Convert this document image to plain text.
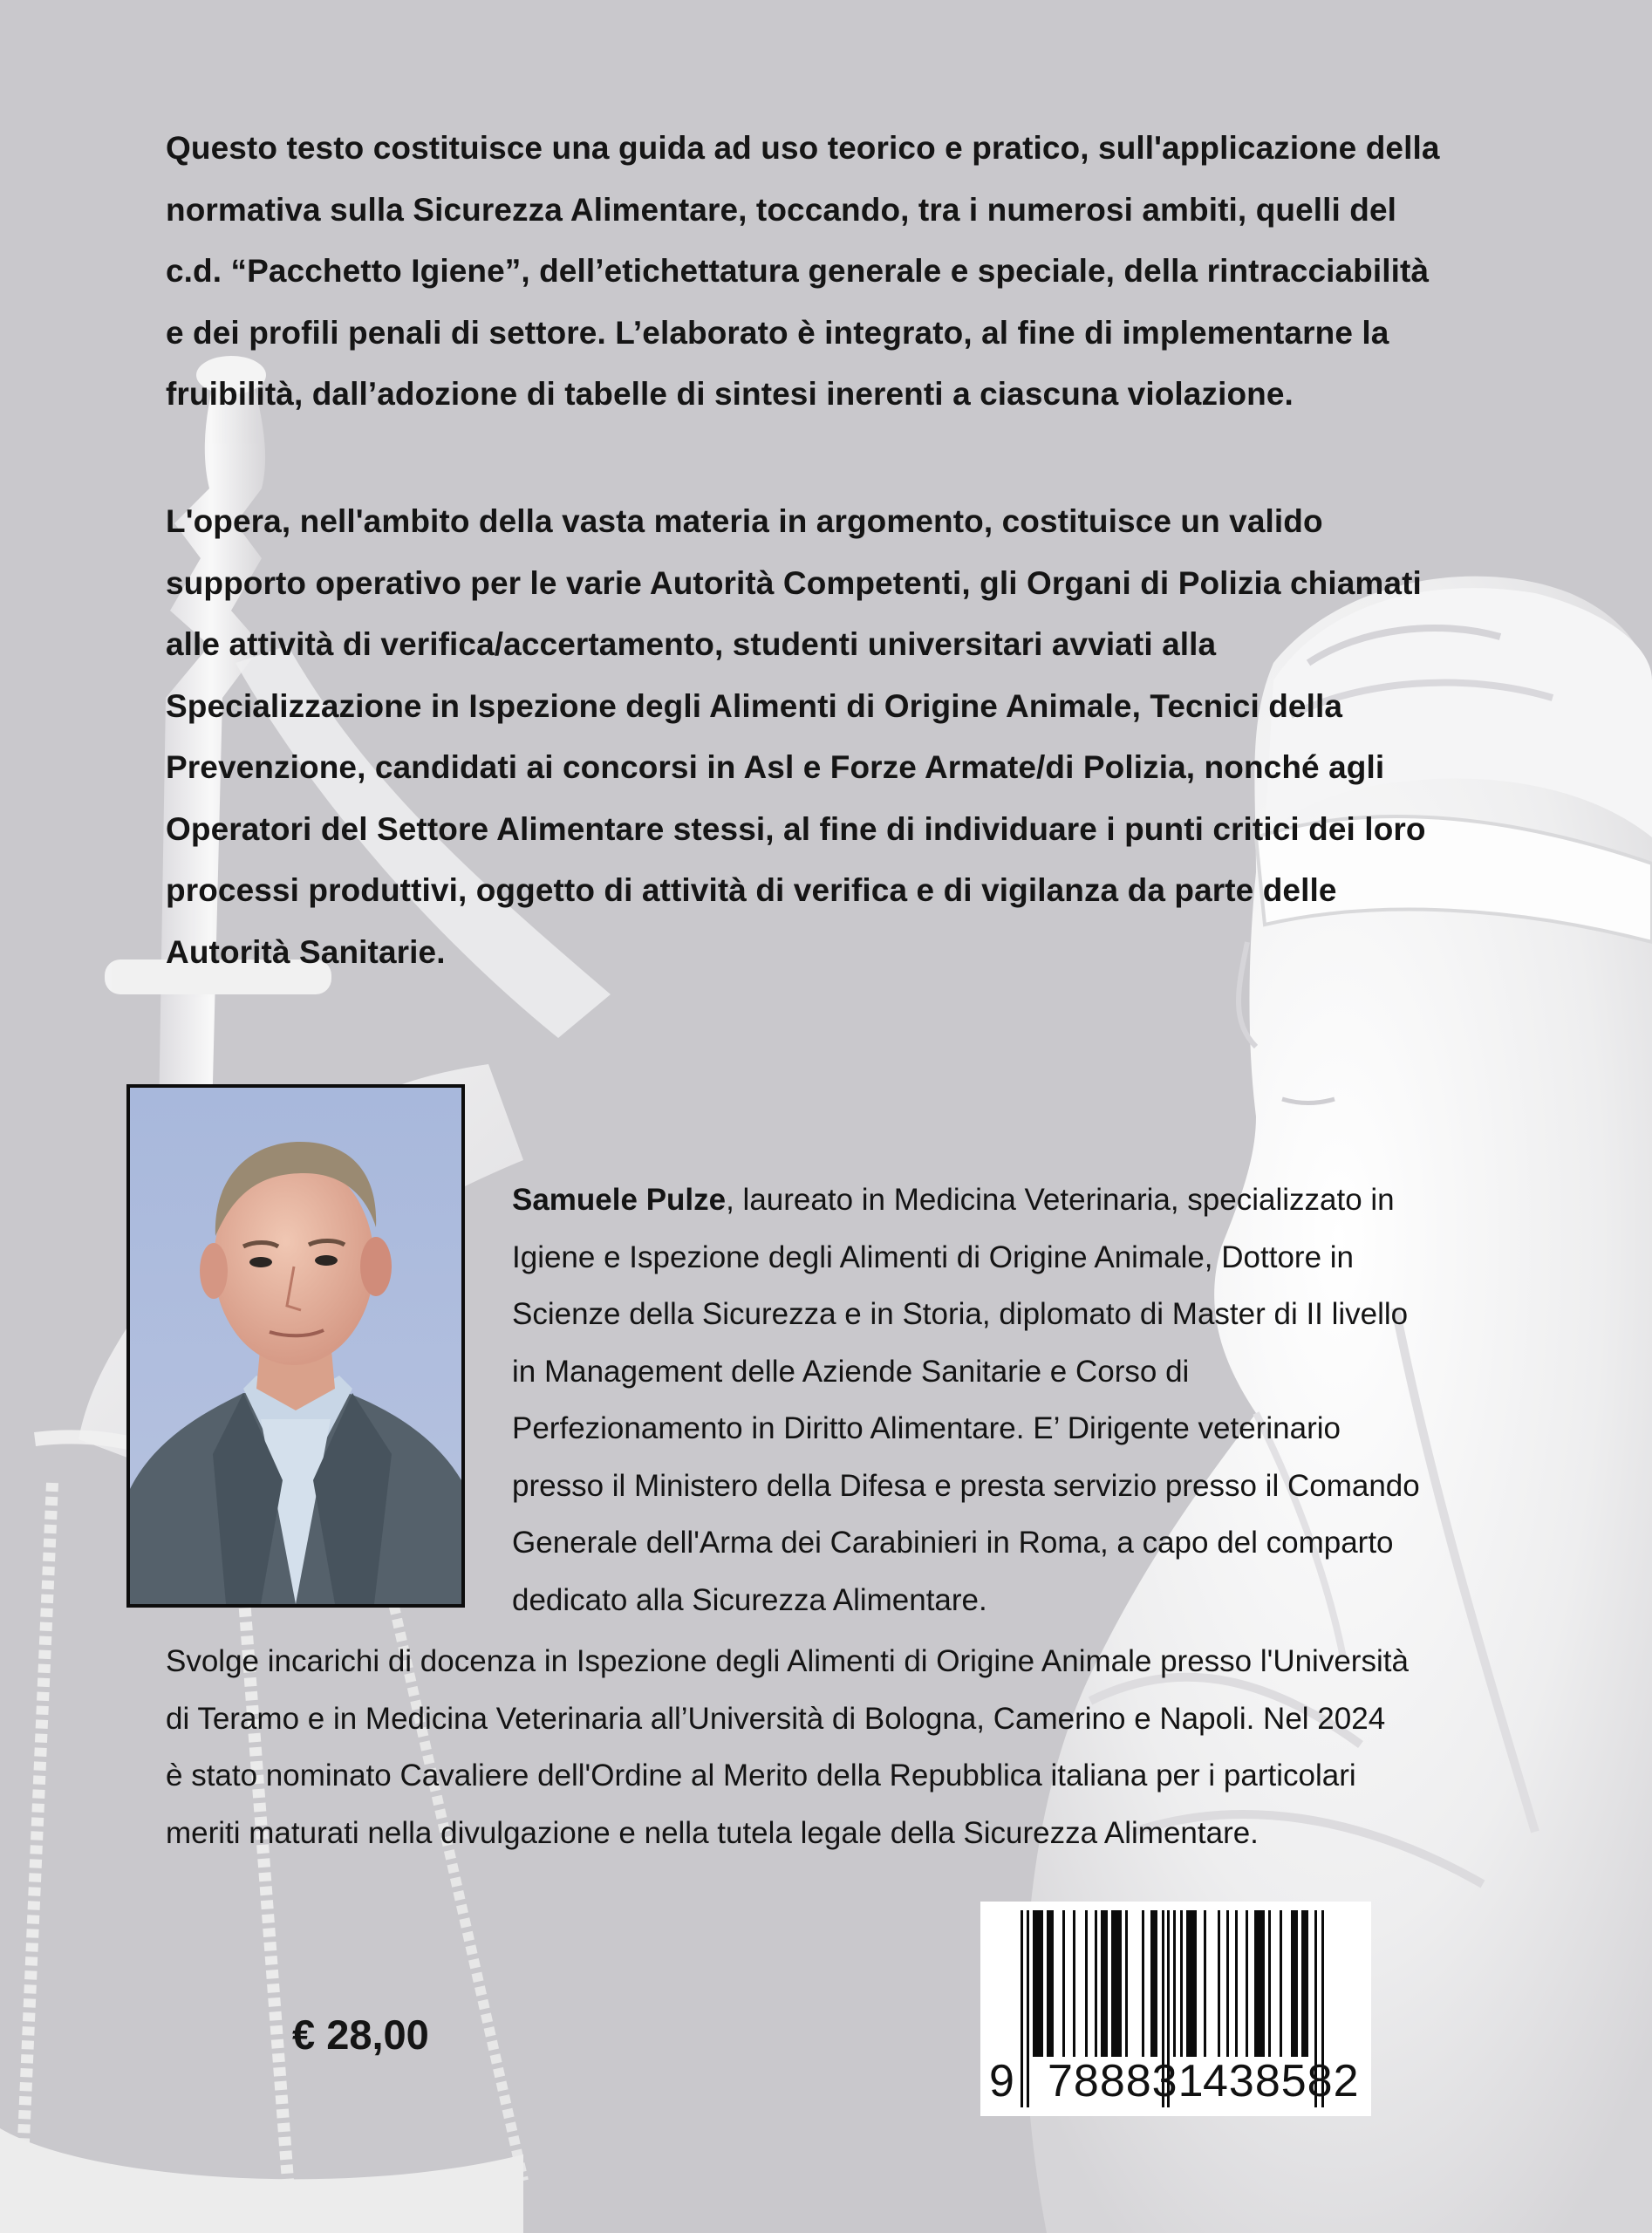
Questo testo costituisce una guida ad uso teorico e pratico, sull'applicazione della
normativa sulla Sicurezza Alimentare, toccando, tra i numerosi ambiti, quelli del
c.d. “Pacchetto Igiene”, dell’etichettatura generale e speciale, della rintracciabilità
e dei profili penali di settore. L’elaborato è integrato, al fine di implementarne la
fruibilità, dall’adozione di tabelle di sintesi inerenti a ciascuna violazione.
L'opera, nell'ambito della vasta materia in argomento, costituisce un valido
supporto operativo per le varie Autorità Competenti, gli Organi di Polizia chiamati
alle attività di verifica/accertamento, studenti universitari avviati alla
Specializzazione in Ispezione degli Alimenti di Origine Animale, Tecnici della
Prevenzione, candidati ai concorsi in Asl e Forze Armate/di Polizia, nonché agli
Operatori del Settore Alimentare stessi, al fine di individuare i punti critici dei loro
processi produttivi, oggetto di attività di verifica e di vigilanza da parte delle
Autorità Sanitarie.
Samuele Pulze, laureato in Medicina Veterinaria, specializzato in
Igiene e Ispezione degli Alimenti di Origine Animale, Dottore in
Scienze della Sicurezza e in Storia, diplomato di Master di II livello
in Management delle Aziende Sanitarie e Corso di
Perfezionamento in Diritto Alimentare. E’ Dirigente veterinario
presso il Ministero della Difesa e presta servizio presso il Comando
Generale dell'Arma dei Carabinieri in Roma, a capo del comparto
dedicato alla Sicurezza Alimentare.
Svolge incarichi di docenza in Ispezione degli Alimenti di Origine Animale presso l'Università
di Teramo e in Medicina Veterinaria all’Università di Bologna, Camerino e Napoli. Nel 2024
è stato nominato Cavaliere dell'Ordine al Merito della Repubblica italiana per i particolari
meriti maturati nella divulgazione e nella tutela legale della Sicurezza Alimentare.
€ 28,00
9 788831
438582
